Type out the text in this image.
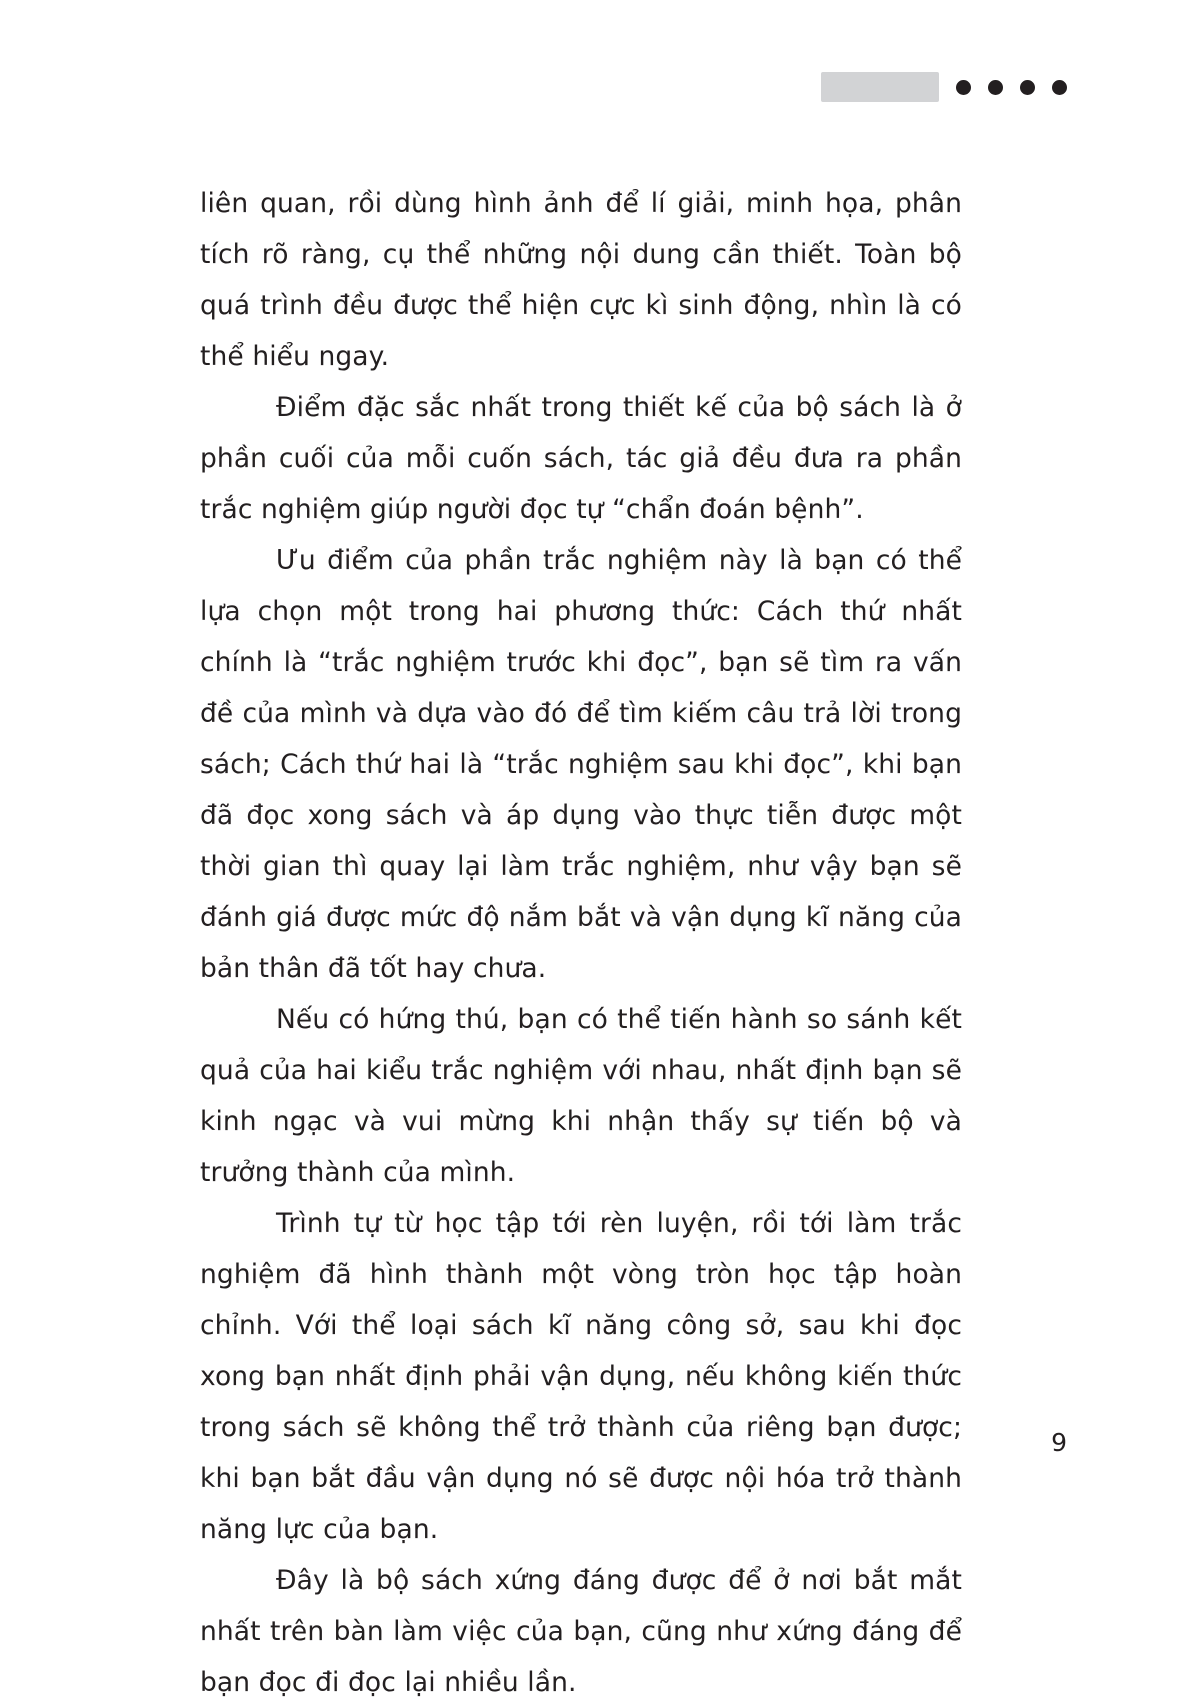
liên quan, rồi dùng hình ảnh để lí giải, minh họa, phân tích rõ ràng, cụ thể những nội dung cần thiết. Toàn bộ quá trình đều được thể hiện cực kì sinh động, nhìn là có thể hiểu ngay.

Điểm đặc sắc nhất trong thiết kế của bộ sách là ở phần cuối của mỗi cuốn sách, tác giả đều đưa ra phần trắc nghiệm giúp người đọc tự “chẩn đoán bệnh”.

Ưu điểm của phần trắc nghiệm này là bạn có thể lựa chọn một trong hai phương thức: Cách thứ nhất chính là “trắc nghiệm trước khi đọc”, bạn sẽ tìm ra vấn đề của mình và dựa vào đó để tìm kiếm câu trả lời trong sách; Cách thứ hai là “trắc nghiệm sau khi đọc”, khi bạn đã đọc xong sách và áp dụng vào thực tiễn được một thời gian thì quay lại làm trắc nghiệm, như vậy bạn sẽ đánh giá được mức độ nắm bắt và vận dụng kĩ năng của bản thân đã tốt hay chưa.

Nếu có hứng thú, bạn có thể tiến hành so sánh kết quả của hai kiểu trắc nghiệm với nhau, nhất định bạn sẽ kinh ngạc và vui mừng khi nhận thấy sự tiến bộ và trưởng thành của mình.

Trình tự từ học tập tới rèn luyện, rồi tới làm trắc nghiệm đã hình thành một vòng tròn học tập hoàn chỉnh. Với thể loại sách kĩ năng công sở, sau khi đọc xong bạn nhất định phải vận dụng, nếu không kiến thức trong sách sẽ không thể trở thành của riêng bạn được; khi bạn bắt đầu vận dụng nó sẽ được nội hóa trở thành năng lực của bạn.

Đây là bộ sách xứng đáng được để ở nơi bắt mắt nhất trên bàn làm việc của bạn, cũng như xứng đáng để bạn đọc đi đọc lại nhiều lần.

9
